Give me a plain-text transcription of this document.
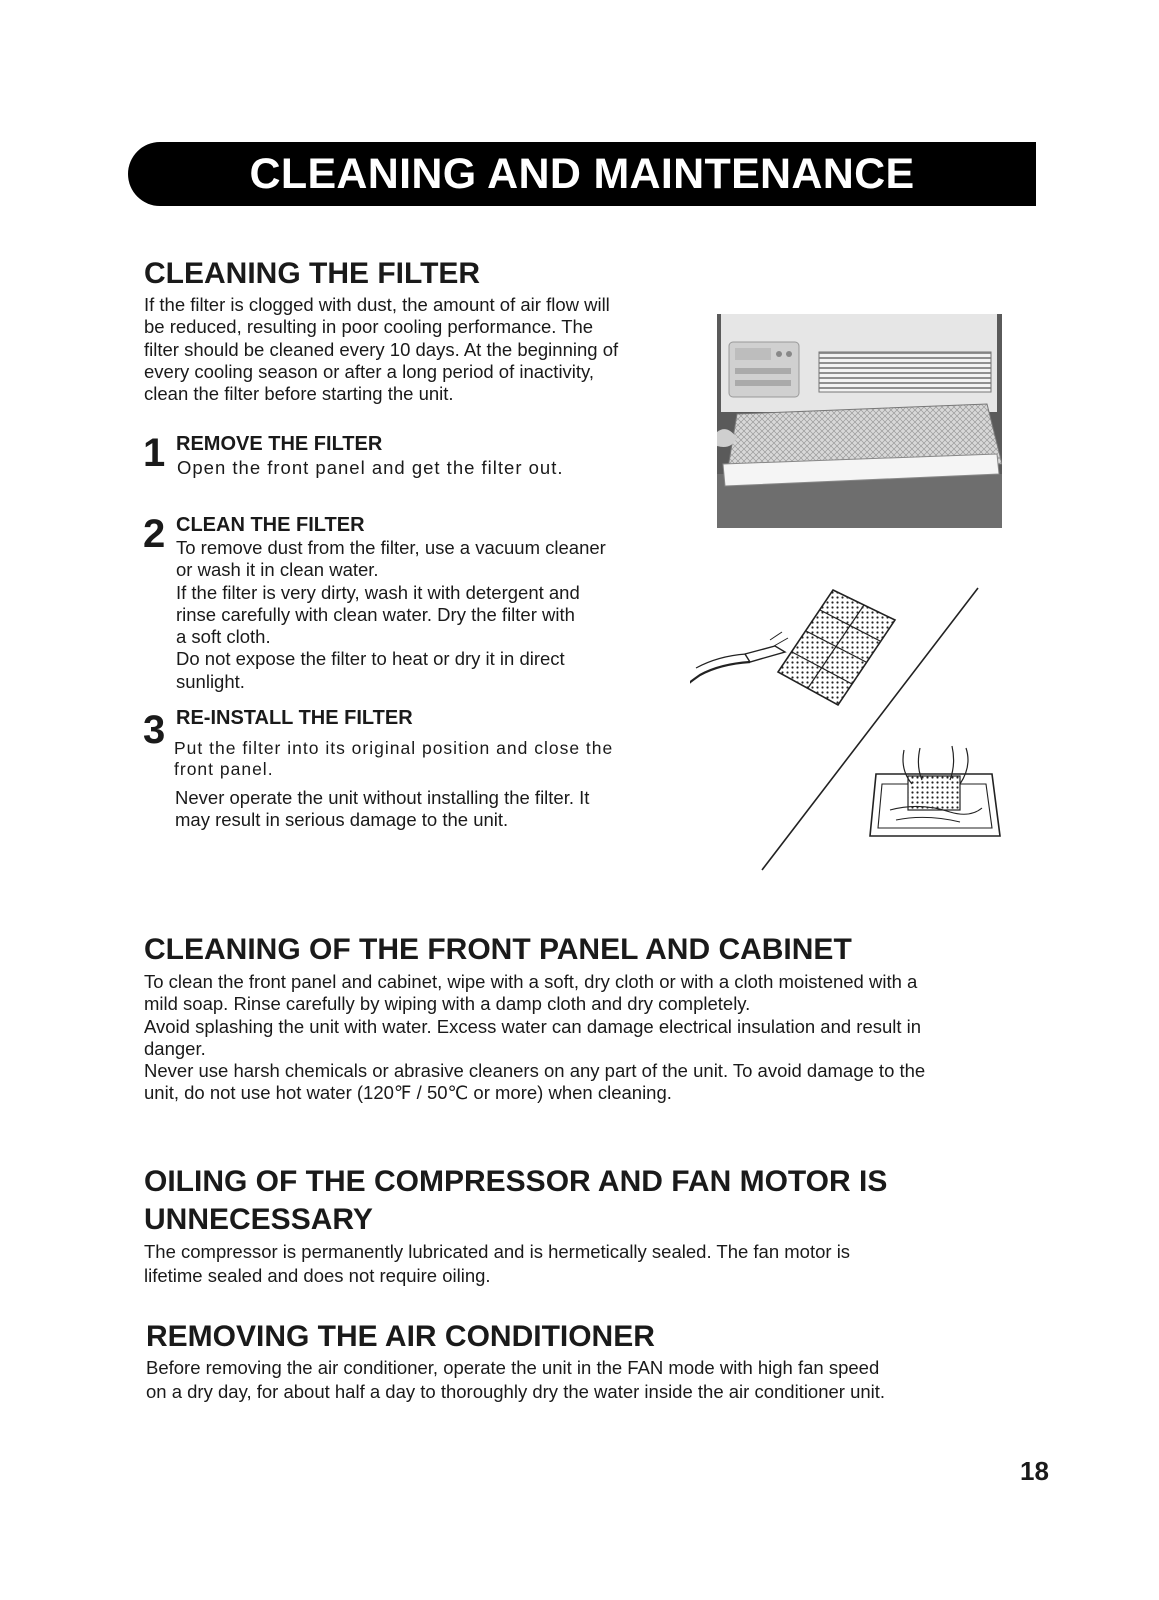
CLEANING AND MAINTENANCE
CLEANING THE FILTER
If the filter is clogged with dust, the amount of air flow will
be reduced, resulting in poor cooling performance. The
filter should be cleaned every 10 days. At the beginning of
every cooling season or after a long period of inactivity,
clean the filter before starting the unit.
1 REMOVE THE FILTER
Open the front panel and get the filter out.
2 CLEAN THE FILTER
To remove dust from the filter, use a vacuum cleaner
or wash it in clean water.
If the filter is very dirty, wash it with detergent and
rinse carefully with clean water. Dry the filter with
a soft cloth.
Do not expose the filter to heat or dry it in direct
sunlight.
3 RE-INSTALL THE FILTER
Put the filter into its original position and close the
front panel.
Never operate the unit without installing the filter. It
may result in serious damage to the unit.
CLEANING OF THE FRONT PANEL AND CABINET
To clean the front panel and cabinet, wipe with a soft, dry cloth or with a cloth moistened with a
mild soap. Rinse carefully by wiping with a damp cloth and dry completely.
Avoid splashing the unit with water. Excess water can damage electrical insulation and result in
danger.
Never use harsh chemicals or abrasive cleaners on any part of the unit. To avoid damage to the
unit, do not use hot water (120℉ / 50℃ or more) when cleaning.
OILING OF THE COMPRESSOR AND FAN MOTOR IS
UNNECESSARY
The compressor is permanently lubricated and is hermetically sealed. The fan motor is
lifetime sealed and does not require oiling.
REMOVING THE AIR CONDITIONER
Before removing the air conditioner, operate the unit in the FAN mode with high fan speed
on a dry day, for about half a day to thoroughly dry the water inside the air conditioner unit.
18
